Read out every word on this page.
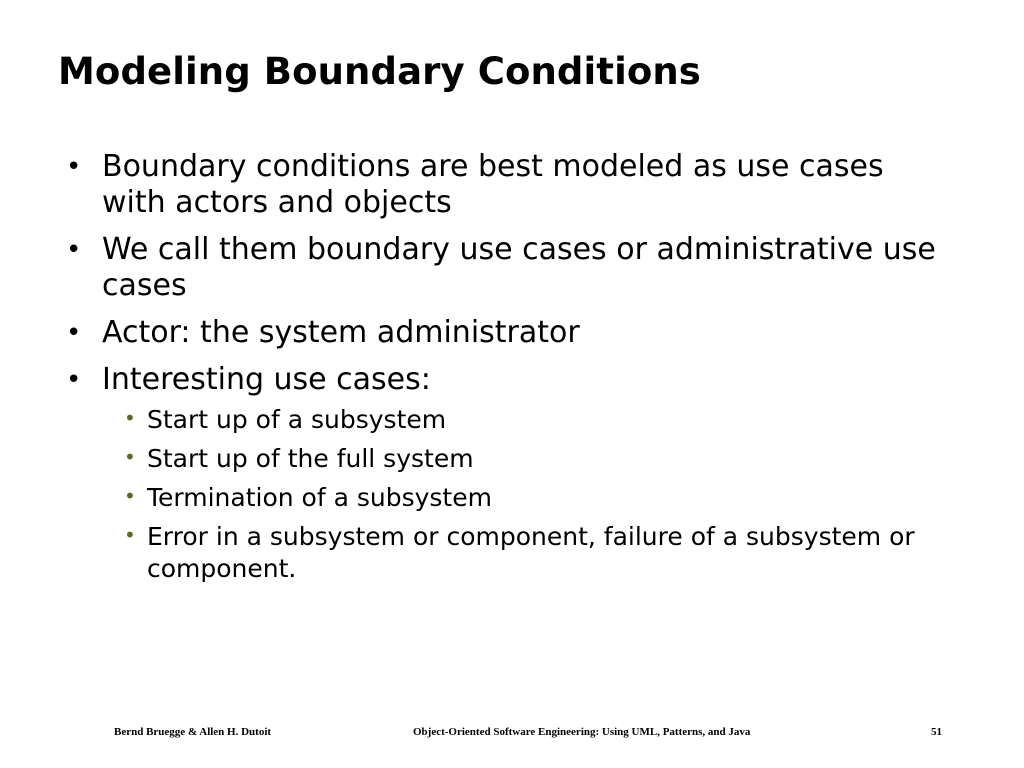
Modeling Boundary Conditions
• Boundary conditions are best modeled as use cases with actors and objects
• We call them boundary use cases or administrative use cases
• Actor: the system administrator
• Interesting use cases:
• Start up of a subsystem
• Start up of the full system
• Termination of a subsystem
• Error in a subsystem or component, failure of a subsystem or component.
Bernd Bruegge & Allen H. Dutoit	Object-Oriented Software Engineering: Using UML, Patterns, and Java	51
